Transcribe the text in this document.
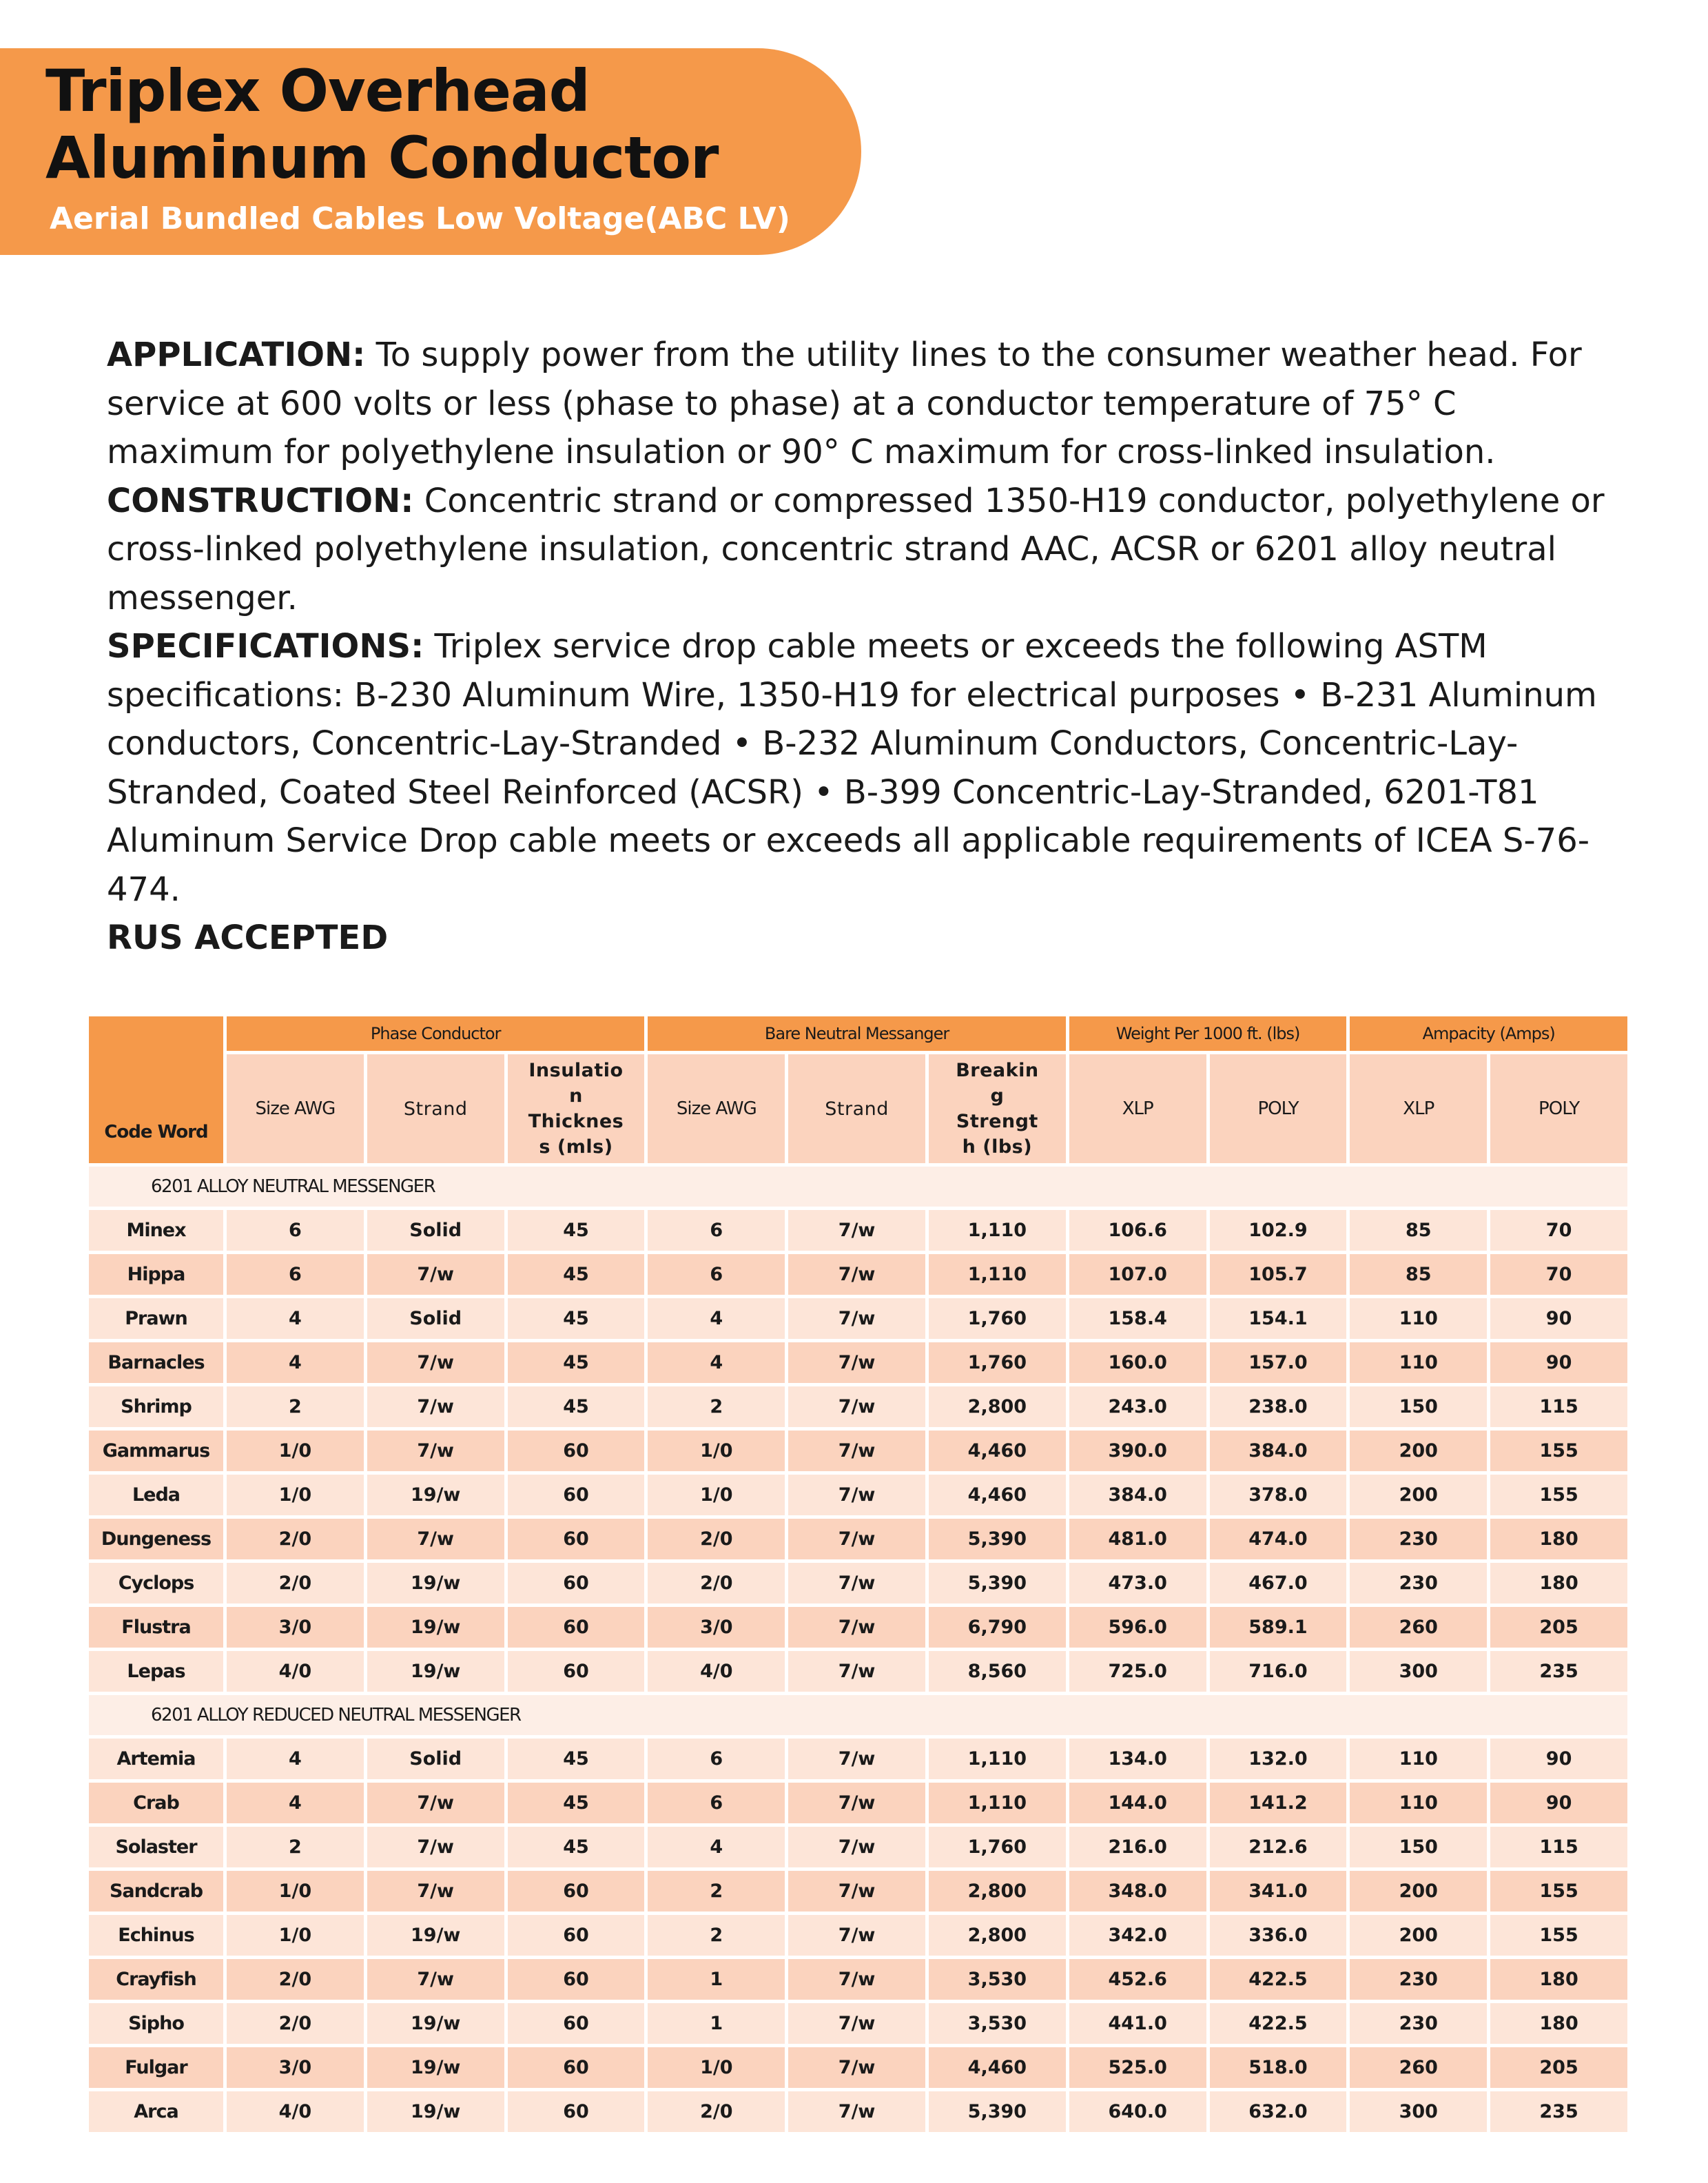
Triplex Overhead
Aluminum Conductor
Aerial Bundled Cables Low Voltage(ABC LV)

APPLICATION: To supply power from the utility lines to the consumer weather head. For service at 600 volts or less (phase to phase) at a conductor temperature of 75° C maximum for polyethylene insulation or 90° C maximum for cross-linked insulation.

CONSTRUCTION: Concentric strand or compressed 1350-H19 conductor, polyethylene or cross-linked polyethylene insulation, concentric strand AAC, ACSR or 6201 alloy neutral messenger.

SPECIFICATIONS: Triplex service drop cable meets or exceeds the following ASTM specifications: B-230 Aluminum Wire, 1350-H19 for electrical purposes • B-231 Aluminum conductors, Concentric-Lay-Stranded • B-232 Aluminum Conductors, Concentric-Lay-Stranded, Coated Steel Reinforced (ACSR) • B-399 Concentric-Lay-Stranded, 6201-T81 Aluminum Service Drop cable meets or exceeds all applicable requirements of ICEA S-76-474.

RUS ACCEPTED

Code Word	Phase Conductor			Bare Neutral Messanger			Weight Per 1000 ft. (lbs)		Ampacity (Amps)	
	Size AWG	Strand	Insulatio
n
Thicknes
s (mls)	Size AWG	Strand	Breakin
g
Strengt
h (lbs)	XLP	POLY	XLP	POLY
6201 ALLOY NEUTRAL MESSENGER										
Minex	6	Solid	45	6	7/w	1,110	106.6	102.9	85	70
Hippa	6	7/w	45	6	7/w	1,110	107.0	105.7	85	70
Prawn	4	Solid	45	4	7/w	1,760	158.4	154.1	110	90
Barnacles	4	7/w	45	4	7/w	1,760	160.0	157.0	110	90
Shrimp	2	7/w	45	2	7/w	2,800	243.0	238.0	150	115
Gammarus	1/0	7/w	60	1/0	7/w	4,460	390.0	384.0	200	155
Leda	1/0	19/w	60	1/0	7/w	4,460	384.0	378.0	200	155
Dungeness	2/0	7/w	60	2/0	7/w	5,390	481.0	474.0	230	180
Cyclops	2/0	19/w	60	2/0	7/w	5,390	473.0	467.0	230	180
Flustra	3/0	19/w	60	3/0	7/w	6,790	596.0	589.1	260	205
Lepas	4/0	19/w	60	4/0	7/w	8,560	725.0	716.0	300	235
6201 ALLOY REDUCED NEUTRAL MESSENGER										
Artemia	4	Solid	45	6	7/w	1,110	134.0	132.0	110	90
Crab	4	7/w	45	6	7/w	1,110	144.0	141.2	110	90
Solaster	2	7/w	45	4	7/w	1,760	216.0	212.6	150	115
Sandcrab	1/0	7/w	60	2	7/w	2,800	348.0	341.0	200	155
Echinus	1/0	19/w	60	2	7/w	2,800	342.0	336.0	200	155
Crayfish	2/0	7/w	60	1	7/w	3,530	452.6	422.5	230	180
Sipho	2/0	19/w	60	1	7/w	3,530	441.0	422.5	230	180
Fulgar	3/0	19/w	60	1/0	7/w	4,460	525.0	518.0	260	205
Arca	4/0	19/w	60	2/0	7/w	5,390	640.0	632.0	300	235
